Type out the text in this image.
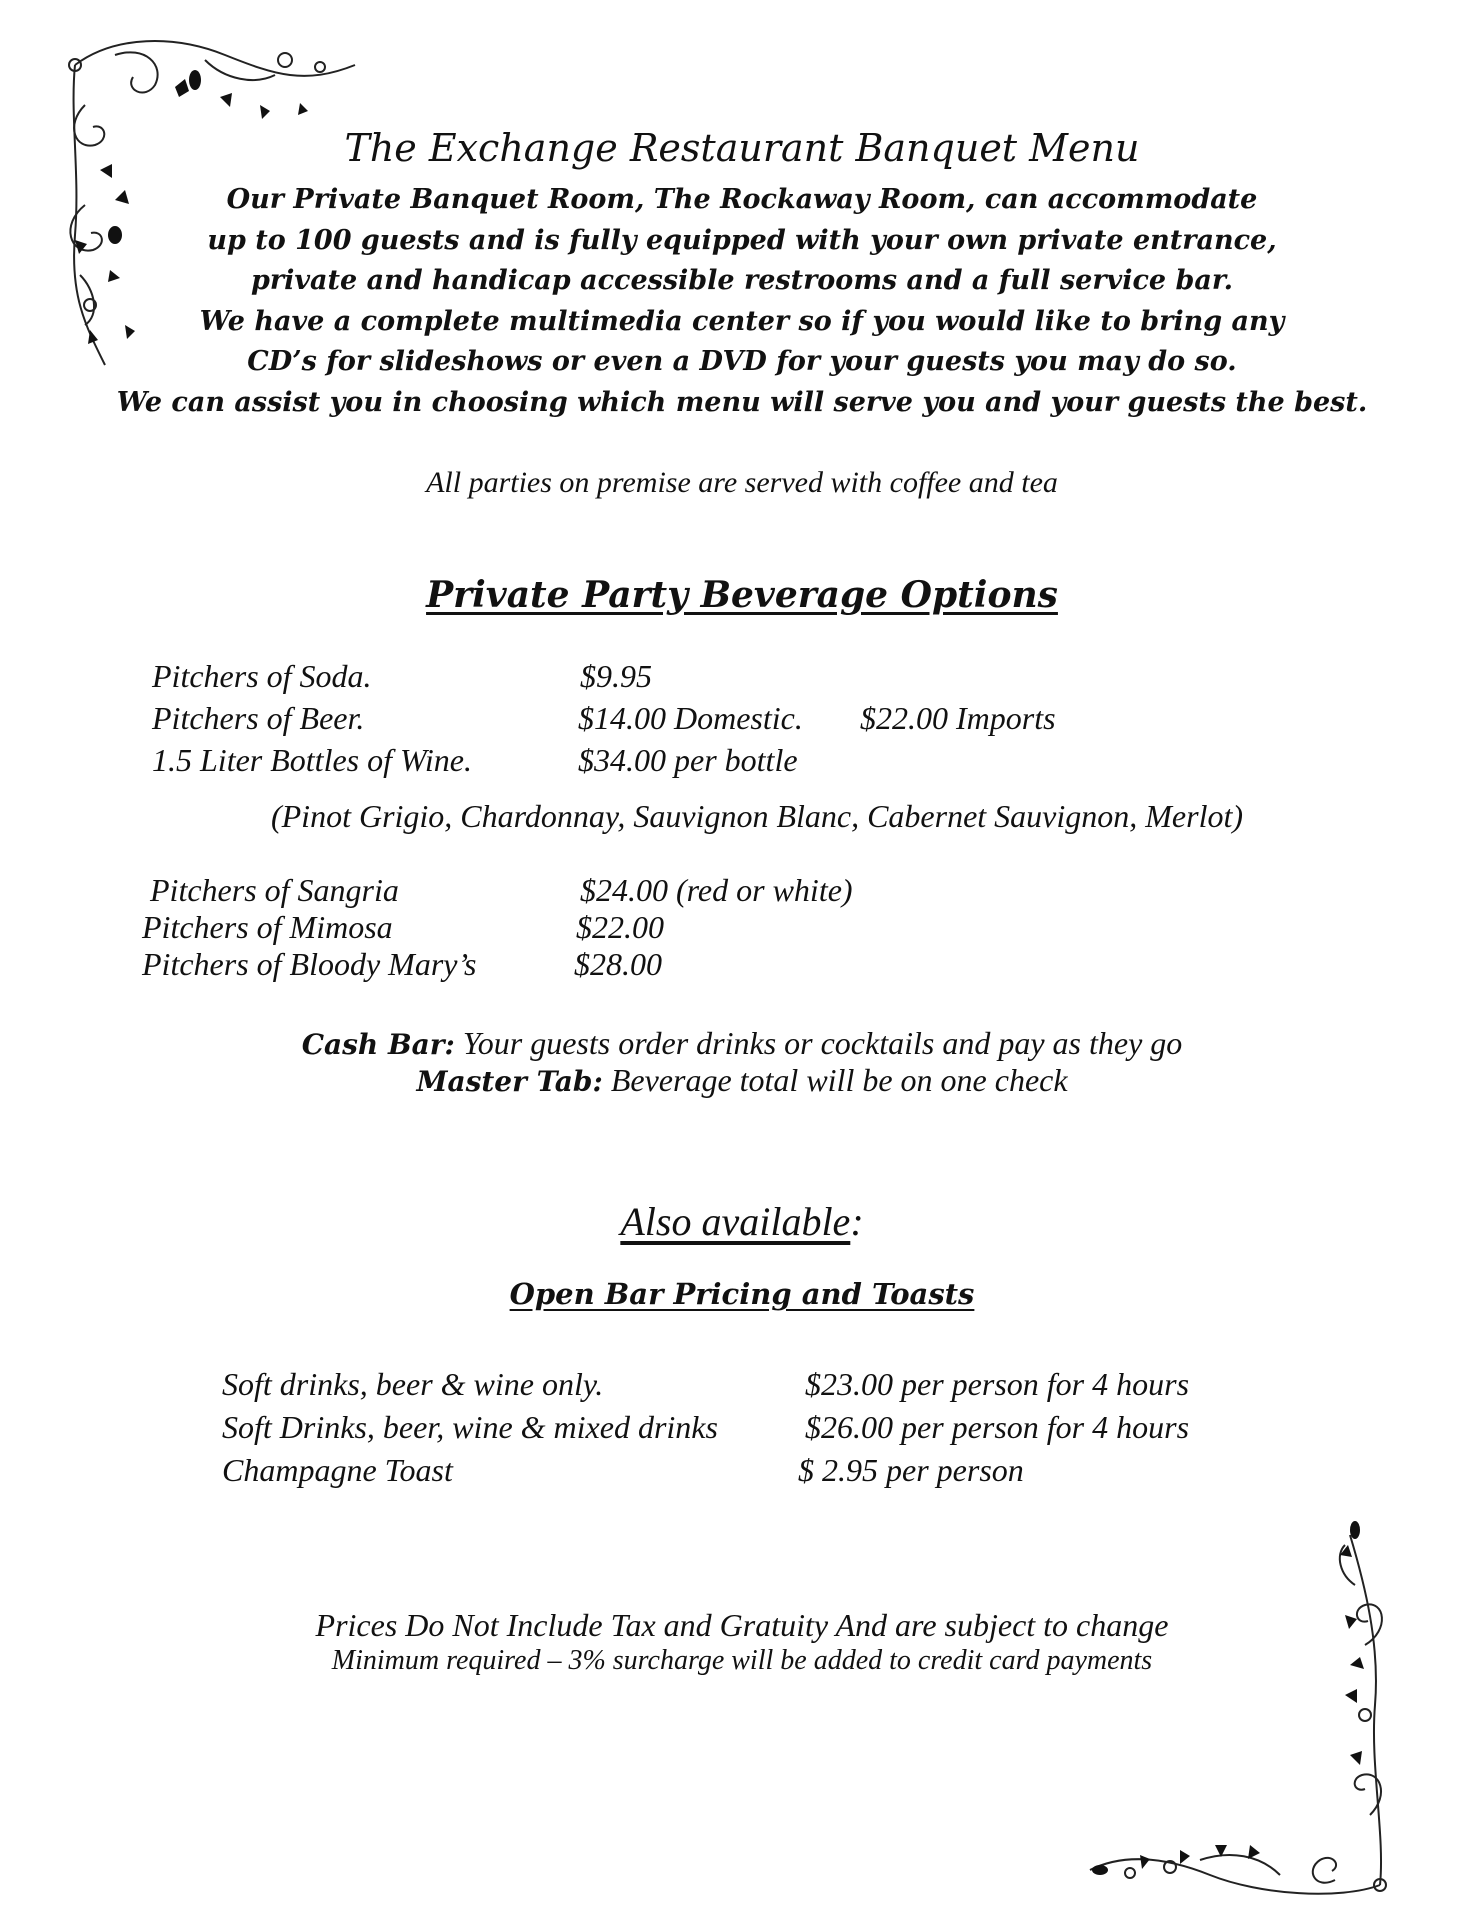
The Exchange Restaurant Banquet Menu
Our Private Banquet Room, The Rockaway Room, can accommodate
up to 100 guests and is fully equipped with your own private entrance,
private and handicap accessible restrooms and a full service bar.
We have a complete multimedia center so if you would like to bring any
CD’s for slideshows or even a DVD for your guests you may do so.
We can assist you in choosing which menu will serve you and your guests the best.
All parties on premise are served with coffee and tea
Private Party Beverage Options
Pitchers of Soda.	$9.95
Pitchers of Beer.	$14.00 Domestic. $22.00 Imports
1.5 Liter Bottles of Wine.	$34.00 per bottle
(Pinot Grigio, Chardonnay, Sauvignon Blanc, Cabernet Sauvignon, Merlot)
Pitchers of Sangria	$24.00 (red or white)
Pitchers of Mimosa	$22.00
Pitchers of Bloody Mary’s	$28.00
Cash Bar: Your guests order drinks or cocktails and pay as they go
Master Tab: Beverage total will be on one check
Also available:
Open Bar Pricing and Toasts
Soft drinks, beer & wine only.	$23.00 per person for 4 hours
Soft Drinks, beer, wine & mixed drinks	$26.00 per person for 4 hours
Champagne Toast	$ 2.95 per person
Prices Do Not Include Tax and Gratuity And are subject to change
Minimum required – 3% surcharge will be added to credit card payments
